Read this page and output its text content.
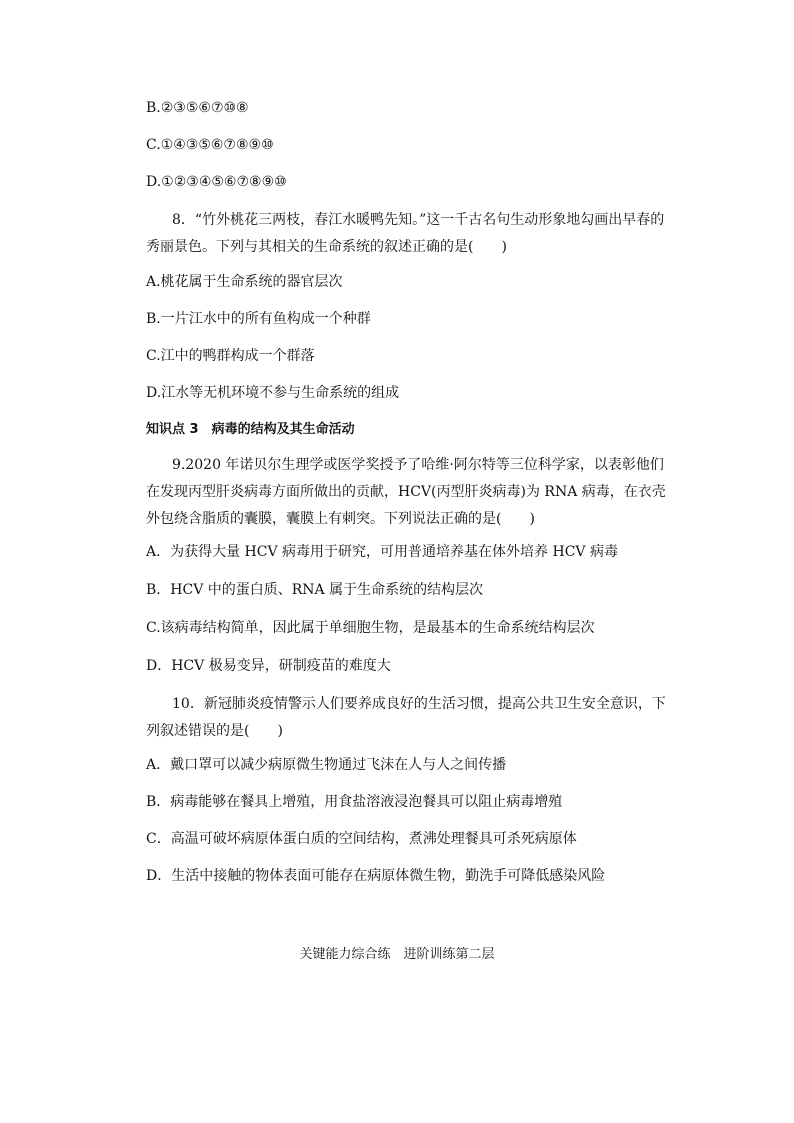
B.②③⑤⑥⑦⑩⑧
C.①④③⑤⑥⑦⑧⑨⑩
D.①②③④⑤⑥⑦⑧⑨⑩
8．“竹外桃花三两枝，春江水暖鸭先知。”这一千古名句生动形象地勾画出早春的秀丽景色。下列与其相关的生命系统的叙述正确的是(　　)
A.桃花属于生命系统的器官层次
B.一片江水中的所有鱼构成一个种群
C.江中的鸭群构成一个群落
D.江水等无机环境不参与生命系统的组成
知识点 3　病毒的结构及其生命活动
9.2020 年诺贝尔生理学或医学奖授予了哈维·阿尔特等三位科学家，以表彰他们在发现丙型肝炎病毒方面所做出的贡献，HCV(丙型肝炎病毒)为 RNA 病毒，在衣壳外包绕含脂质的囊膜，囊膜上有刺突。下列说法正确的是(　　)
A．为获得大量 HCV 病毒用于研究，可用普通培养基在体外培养 HCV 病毒
B．HCV 中的蛋白质、RNA 属于生命系统的结构层次
C.该病毒结构简单，因此属于单细胞生物，是最基本的生命系统结构层次
D．HCV 极易变异，研制疫苗的难度大
10．新冠肺炎疫情警示人们要养成良好的生活习惯，提高公共卫生安全意识，下列叙述错误的是(　　)
A．戴口罩可以减少病原微生物通过飞沫在人与人之间传播
B．病毒能够在餐具上增殖，用食盐溶液浸泡餐具可以阻止病毒增殖
C．高温可破坏病原体蛋白质的空间结构，煮沸处理餐具可杀死病原体
D．生活中接触的物体表面可能存在病原体微生物，勤洗手可降低感染风险
关键能力综合练　进阶训练第二层
